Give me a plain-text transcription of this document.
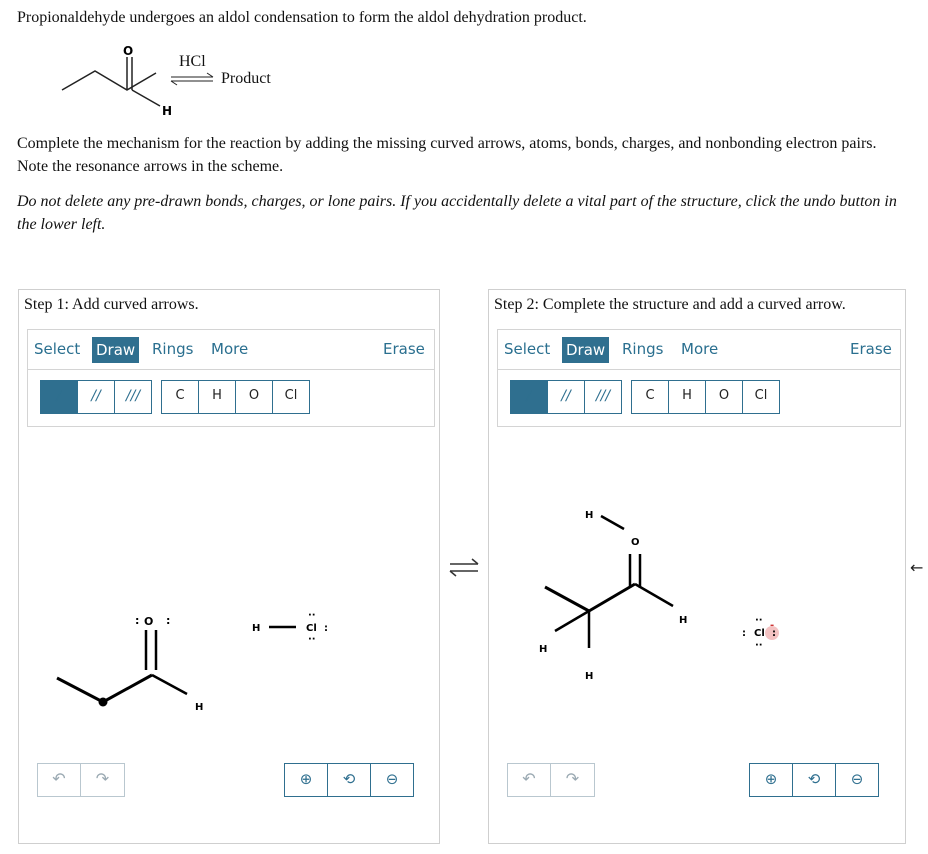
Propionaldehyde undergoes an aldol condensation to form the aldol dehydration product.
O
H
HCl
Product
Complete the mechanism for the reaction by adding the missing curved arrows, atoms, bonds, charges, and nonbonding electron pairs. Note the resonance arrows in the scheme.
Do not delete any pre-drawn bonds, charges, or lone pairs. If you accidentally delete a vital part of the structure, click the undo button in the lower left.
Step 1: Add curved arrows.
Select Draw Rings More	Erase
/	//	///	C	H	O	Cl
O
: :
H
H	Cl
··
··
:
↶	↷	⊕	⟲	⊖
Step 2: Complete the structure and add a curved arrow.
Select Draw Rings More	Erase
/	//	///	C	H	O	Cl
H
O
H
H
H
Cl
-
··
··
:	:
↶	↷	⊕	⟲	⊖
←
